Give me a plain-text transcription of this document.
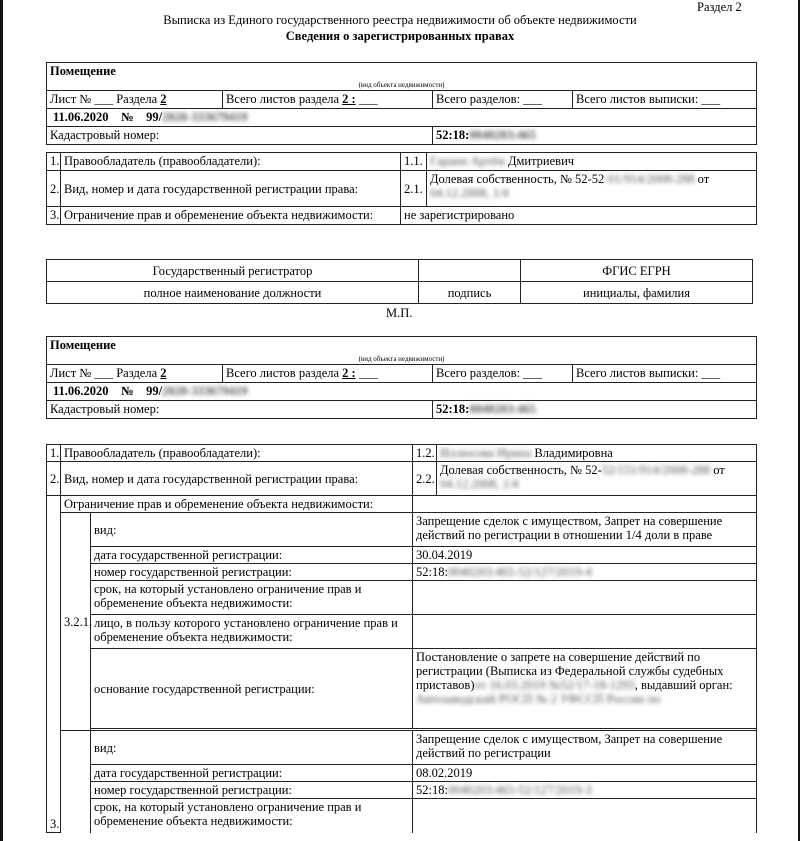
Раздел 2
Выписка из Единого государственного реестра недвижимости об объекте недвижимости
Сведения о зарегистрированных правах
Помещение			
(вид объекта недвижимости)			
Лист № ___ Раздела 2	Всего листов раздела 2 : ___	Всего разделов: ___	Всего листов выписки: ___
11.06.2020 № 99/2020-333679419			
Кадастровый номер:		52:18:0040203:465	
1.	Правообладатель (правообладатели):	1.1.	Гаранн Артём Дмитриевич
2.	Вид, номер и дата государственной регистрации права:	2.1.	Долевая собственность, № 52-52-01/914/2008-288 от
04.12.2008, 1/4
3.	Ограничение прав и обременение объекта недвижимости:	не зарегистрировано	
Государственный регистратор		ФГИС ЕГРН
полное наименование должности	подпись	инициалы, фамилия
М.П.
Помещение			
(вид объекта недвижимости)			
Лист № ___ Раздела 2	Всего листов раздела 2 : ___	Всего разделов: ___	Всего листов выписки: ___
11.06.2020 № 99/2020-333679419			
Кадастровый номер:		52:18:0040203:465	
1.	Правообладатель (правообладатели):		1.2.	Иллюсова Ирина Владимировна
2.	Вид, номер и дата государственной регистрации права:		2.2.	Долевая собственность, № 52-52/151/914/2008-288 от
04.12.2008, 1/4
3.	Ограничение прав и обременение объекта недвижимости:			
	3.2.1.	вид:	Запрещение сделок с имуществом, Запрет на совершение действий по регистрации в отношении 1/4 доли в праве	
		дата государственной регистрации:	30.04.2019	
		номер государственной регистрации:	52:18:0040203:465-52/127/2019-4	
		срок, на который установлено ограничение прав и обременение объекта недвижимости:		
		лицо, в пользу которого установлено ограничение прав и обременение объекта недвижимости:		
		основание государственной регистрации:	Постановление о запрете на совершение действий по регистрации (Выписка из Федеральной службы судебных приставов)от 16.03.2019 №52/17-18-1293, выдавший орган: Автозаводский РОСП № 2 УФССП России по	

		вид:	Запрещение сделок с имуществом, Запрет на совершение действий по регистрации	
		дата государственной регистрации:	08.02.2019	
		номер государственной регистрации:	52:18:0040203:465-52/127/2019-3	
		срок, на который установлено ограничение прав и обременение объекта недвижимости:		
